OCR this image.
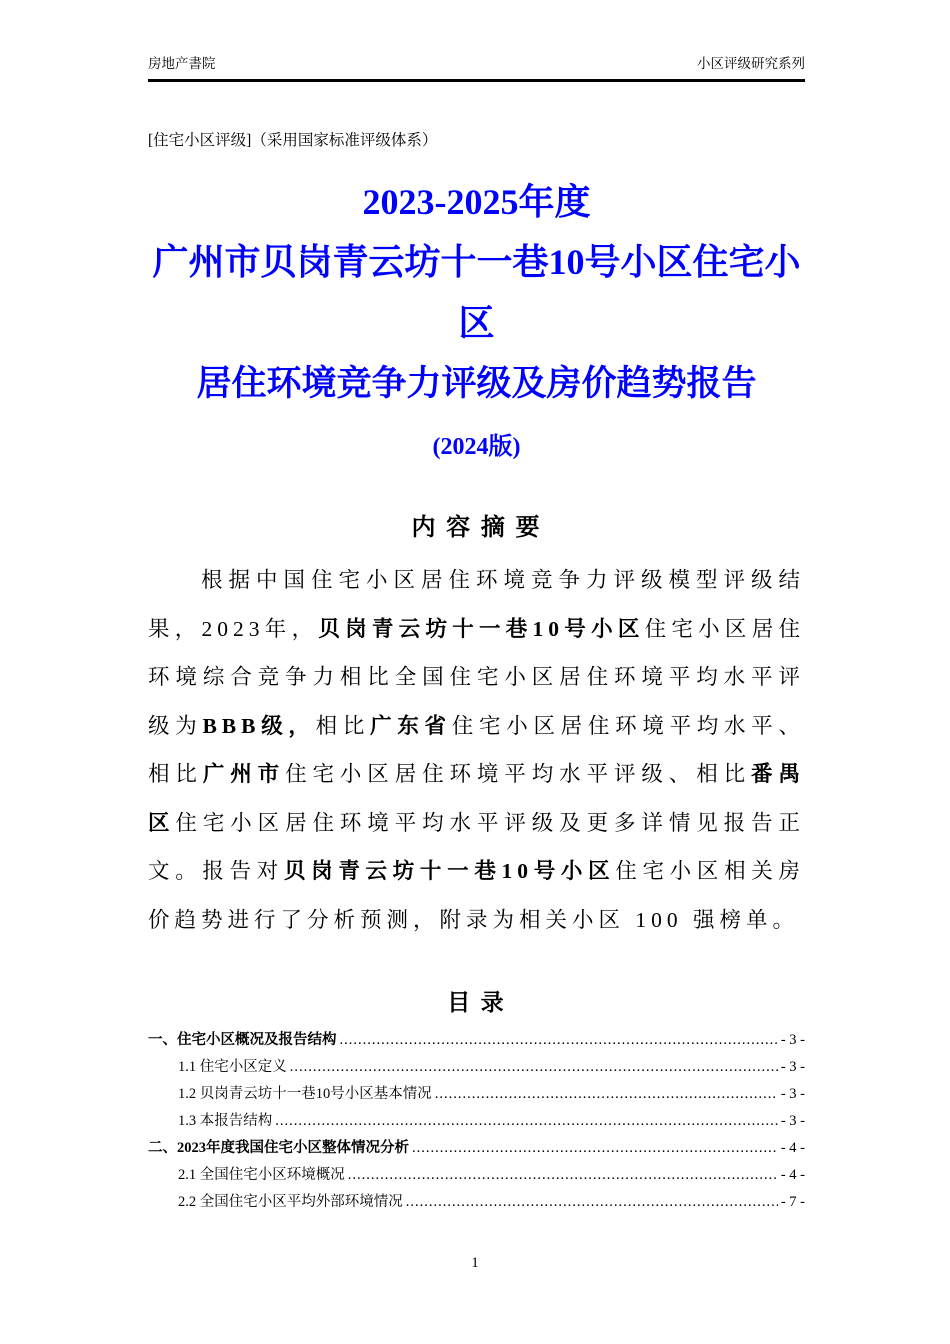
房地产書院	小区评级研究系列
[住宅小区评级]（采用国家标准评级体系）
2023-2025年度
广州市贝岗青云坊十一巷10号小区住宅小区
居住环境竞争力评级及房价趋势报告
(2024版)
内 容 摘 要

根据中国住宅小区居住环境竞争力评级模型评级结果，2023年，贝岗青云坊十一巷10号小区住宅小区居住环境综合竞争力相比全国住宅小区居住环境平均水平评级为BBB级，相比广东省住宅小区居住环境平均水平、相比广州市住宅小区居住环境平均水平评级、相比番禺区住宅小区居住环境平均水平评级及更多详情见报告正文。报告对贝岗青云坊十一巷10号小区住宅小区相关房价趋势进行了分析预测，附录为相关小区 100 强榜单。

目 录
一、住宅小区概况及报告结构 .....	- 3 -
1.1 住宅小区定义 .....	- 3 -
1.2 贝岗青云坊十一巷10号小区基本情况 .....	- 3 -
1.3 本报告结构 .....	- 3 -
二、2023年度我国住宅小区整体情况分析 .....	- 4 -
2.1 全国住宅小区环境概况 .....	- 4 -
2.2 全国住宅小区平均外部环境情况 .....	- 7 -
1
